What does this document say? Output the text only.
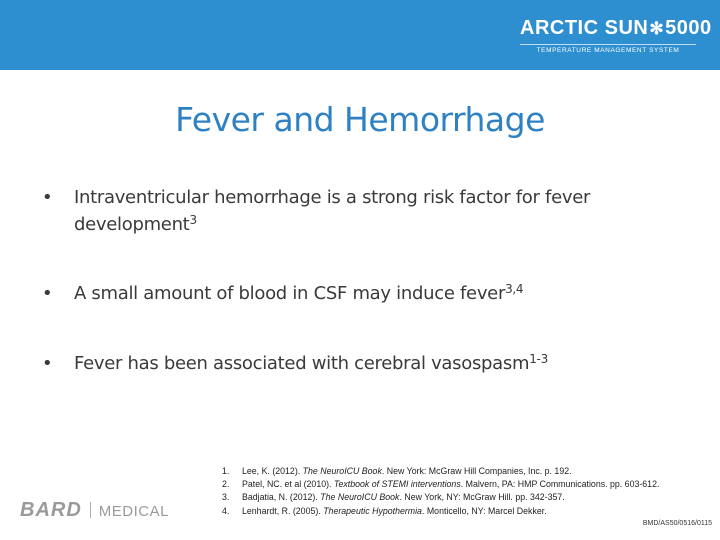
ARCTIC SUN✻5000
TEMPERATURE MANAGEMENT SYSTEM
Fever and Hemorrhage
• Intraventricular hemorrhage is a strong risk factor for fever development$^3$
• A small amount of blood in CSF may induce fever$^{3,4}$
• Fever has been associated with cerebral vasospasm$^{1-3}$
BARD MEDICAL
1. Lee, K. (2012). The NeuroICU Book. New York: McGraw Hill Companies, Inc. p. 192.
2. Patel, NC. et al (2010). Textbook of STEMI interventions. Malvern, PA: HMP Communications. pp. 603-612.
3. Badjatia, N. (2012). The NeuroICU Book. New York, NY: McGraw Hill. pp. 342-357.
4. Lenhardt, R. (2005). Therapeutic Hypothermia. Monticello, NY: Marcel Dekker.
BMD/AS50/0516/0115
